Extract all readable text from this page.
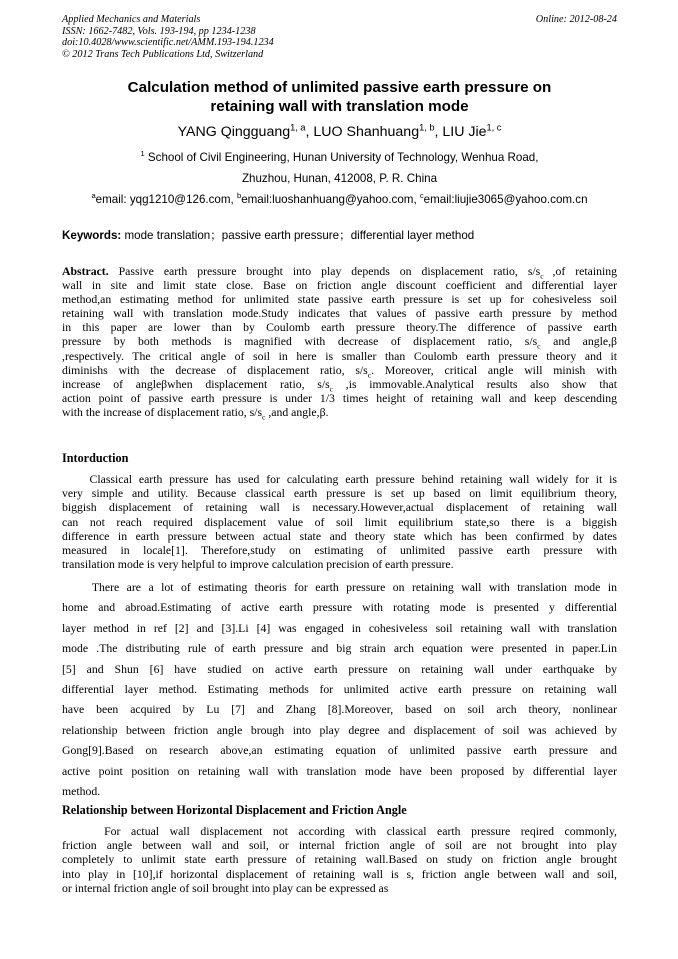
Applied Mechanics and Materials
ISSN: 1662-7482, Vols. 193-194, pp 1234-1238
doi:10.4028/www.scientific.net/AMM.193-194.1234
© 2012 Trans Tech Publications Ltd, Switzerland
Online: 2012-08-24
Calculation method of unlimited passive earth pressure on
retaining wall with translation mode
YANG Qingguang$^{1, a}$, LUO Shanhuang$^{1, b}$, LIU Jie$^{1, c}$
$^1$ School of Civil Engineering, Hunan University of Technology, Wenhua Road,
Zhuzhou, Hunan, 412008, P. R. China
$^a$email: yqg1210@126.com, $^b$email:luoshanhuang@yahoo.com, $^c$email:liujie3065@yahoo.com.cn
Keywords: mode translation；passive earth pressure；differential layer method
Abstract. Passive earth pressure brought into play depends on displacement ratio, $s/s_c$ ,of retaining
wall in site and limit state close. Base on friction angle discount coefficient and differential layer
method,an estimating method for unlimited state passive earth pressure is set up for cohesiveless soil
retaining wall with translation mode.Study indicates that values of passive earth pressure by method
in this paper are lower than by Coulomb earth pressure theory.The difference of passive earth
pressure by both methods is magnified with decrease of displacement ratio, $s/s_c$ and angle,β
,respectively. The critical angle of soil in here is smaller than Coulomb earth pressure theory and it
diminishs with the decrease of displacement ratio, $s/s_c$. Moreover, critical angle will minish with
increase of angleβwhen displacement ratio, $s/s_c$ ,is immovable.Analytical results also show that
action point of passive earth pressure is under 1/3 times height of retaining wall and keep descending
with the increase of displacement ratio, $s/s_c$ ,and angle,β.
Intorduction
Classical earth pressure has used for calculating earth pressure behind retaining wall widely for it is
very simple and utility. Because classical earth pressure is set up based on limit equilibrium theory,
biggish displacement of retaining wall is necessary.However,actual displacement of retaining wall
can not reach required displacement value of soil limit equilibrium state,so there is a biggish
difference in earth pressure between actual state and theory state which has been confirmed by dates
measured in locale[1]. Therefore,study on estimating of unlimited passive earth pressure with
transilation mode is very helpful to improve calculation precision of earth pressure.
There are a lot of estimating theoris for earth pressure on retaining wall with translation mode in
home and abroad.Estimating of active earth pressure with rotating mode is presented y differential
layer method in ref [2] and [3].Li [4] was engaged in cohesiveless soil retaining wall with translation
mode .The distributing rule of earth pressure and big strain arch equation were presented in paper.Lin
[5] and Shun [6] have studied on active earth pressure on retaining wall under earthquake by
differential layer method. Estimating methods for unlimited active earth pressure on retaining wall
have been acquired by Lu [7] and Zhang [8].Moreover, based on soil arch theory, nonlinear
relationship between friction angle brough into play degree and displacement of soil was achieved by
Gong[9].Based on research above,an estimating equation of unlimited passive earth pressure and
active point position on retaining wall with translation mode have been proposed by differential layer
method.
Relationship between Horizontal Displacement and Friction Angle
For actual wall displacement not according with classical earth pressure reqired commonly,
friction angle between wall and soil, or internal friction angle of soil are not brought into play
completely to unlimit state earth pressure of retaining wall.Based on study on friction angle brought
into play in [10],if horizontal displacement of retaining wall is s, friction angle between wall and soil,
or internal friction angle of soil brought into play can be expressed as
